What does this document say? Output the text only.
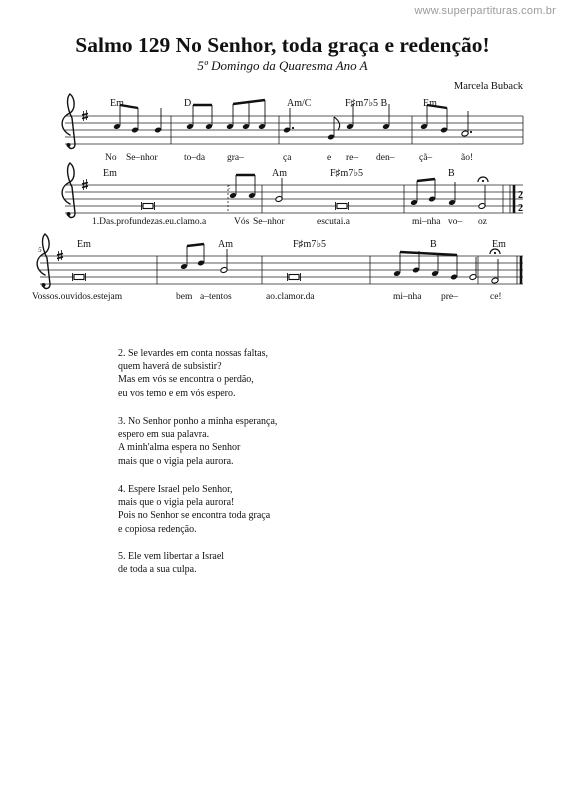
www.superpartituras.com.br
Salmo 129 No Senhor, toda graça e redenção!
5º Domingo da Quaresma Ano A
Marcela Buback
Em	D	Am/C	F♯m7♭5 B	Em
No Se–nhor	to–da gra–	ça	e re– den–	çã–	ão!
2
2
:
Em	Am	F♯m7♭5	B
1.Das.profundezas.eu.clamo.a	Vós Se–nhor	escutai.a	mi–nha vo– oz
5	Em	Am	F♯m7♭5	B	Em
Vossos.ouvidos.estejam	bem a–tentos	ao.clamor.da	mi–nha pre–	ce!
2. Se levardes em conta nossas faltas,
quem haverá de subsistir?
Mas em vós se encontra o perdão,
eu vos temo e em vós espero.
3. No Senhor ponho a minha esperança,
espero em sua palavra.
A minh'alma espera no Senhor
mais que o vigia pela aurora.
4. Espere Israel pelo Senhor,
mais que o vigia pela aurora!
Pois no Senhor se encontra toda graça
e copiosa redenção.
5. Ele vem libertar a Israel
de toda a sua culpa.
